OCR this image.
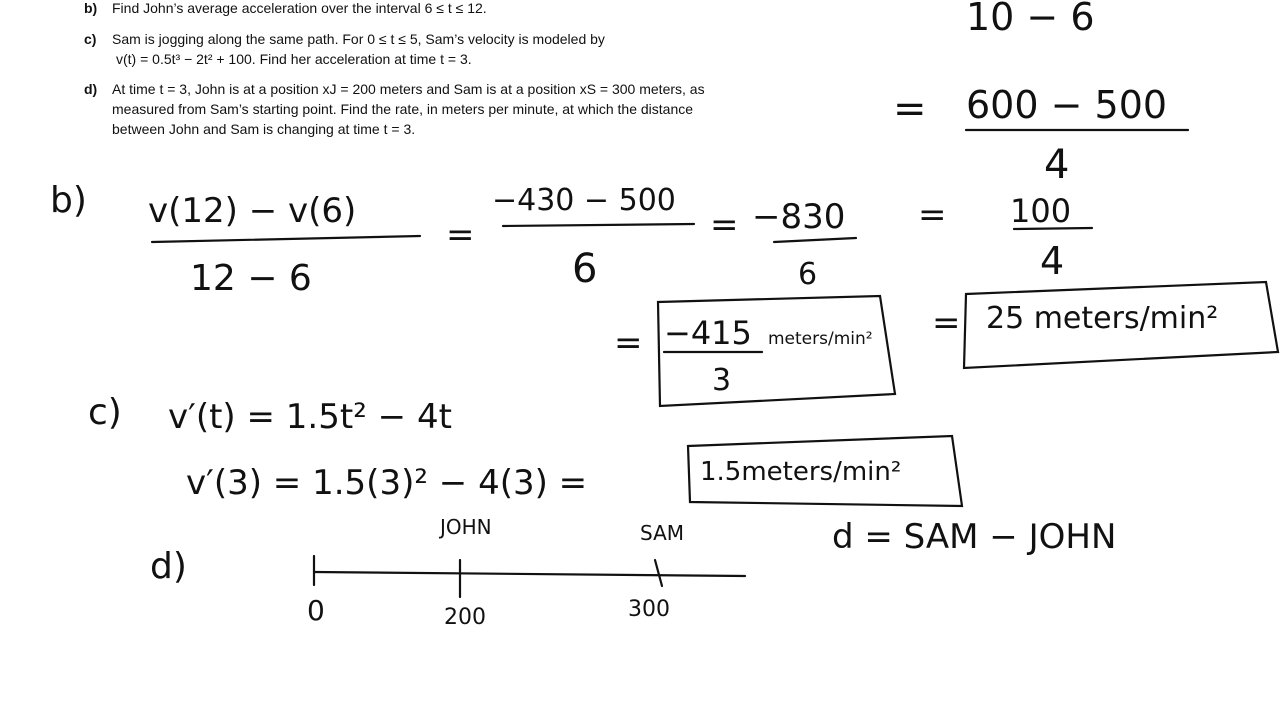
b) Find John’s average acceleration over the interval 6 ≤ t ≤ 12.
c) Sam is jogging along the same path. For 0 ≤ t ≤ 5, Sam’s velocity is modeled by
v(t) = 0.5t³ − 2t² + 100. Find her acceleration at time t = 3.
d) At time t = 3, John is at a position xJ = 200 meters and Sam is at a position xS = 300 meters, as
measured from Sam’s starting point. Find the rate, in meters per minute, at which the distance
between John and Sam is changing at time t = 3.
10 − 6
= 600 − 500
4
b) v(12) − v(6)
12 − 6
=
−430 − 500
6
= −830
6
= 100
4
= −415
3
meters/min² = 25 meters/min²
c) v′(t) = 1.5t² − 4t
v′(3) = 1.5(3)² − 4(3) =	1.5meters/min²
d)
JOHN	SAM
0	200	300
d = SAM − JOHN
